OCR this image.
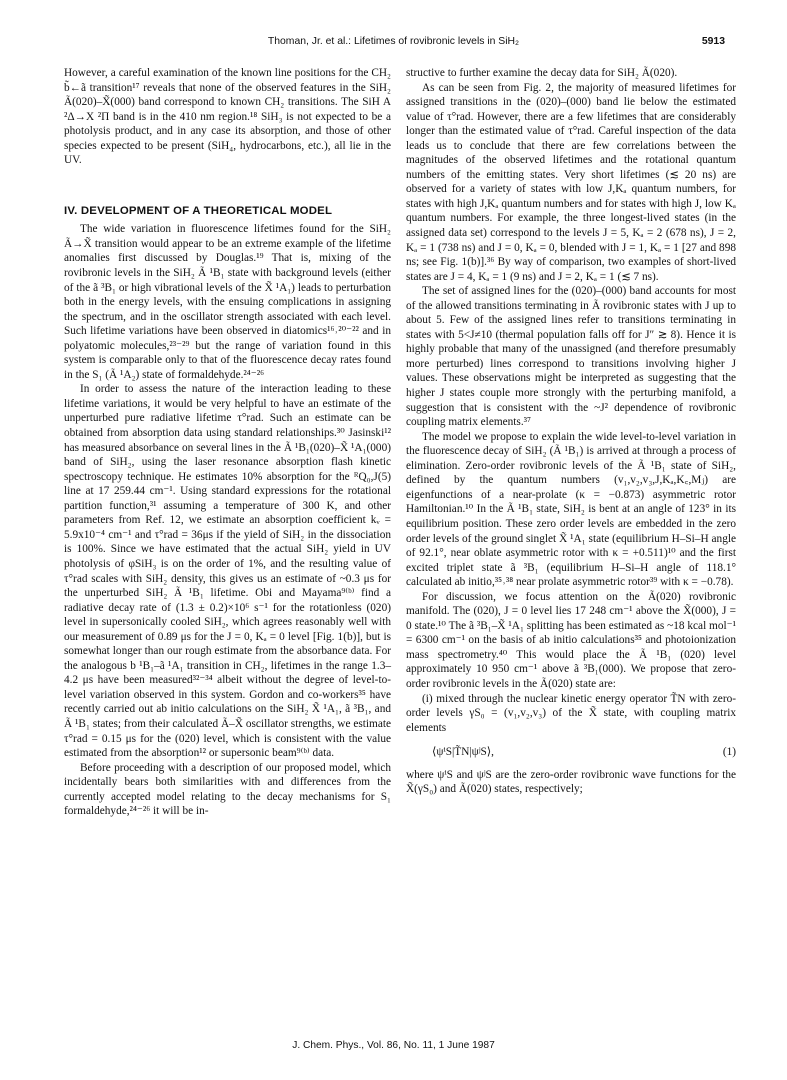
Thoman, Jr. et al.: Lifetimes of rovibronic levels in SiH₂	5913

However, a careful examination of the known line positions for the CH₂ b̃←ã transition¹⁷ reveals that none of the observed features in the SiH₂ Ã(020)–X̃(000) band correspond to known CH₂ transitions. The SiH A ²Δ→X ²Π band is in the 410 nm region.¹⁸ SiH₃ is not expected to be a photolysis product, and in any case its absorption, and those of other species expected to be present (SiH₄, hydrocarbons, etc.), all lie in the UV.

IV. DEVELOPMENT OF A THEORETICAL MODEL

The wide variation in fluorescence lifetimes found for the SiH₂ Ã→X̃ transition would appear to be an extreme example of the lifetime anomalies first discussed by Douglas.¹⁹ That is, mixing of the rovibronic levels in the SiH₂ Ã ¹B₁ state with background levels (either of the ã ³B₁ or high vibrational levels of the X̃ ¹A₁) leads to perturbation both in the energy levels, with the ensuing complications in assigning the spectrum, and in the oscillator strength associated with each level. Such lifetime variations have been observed in diatomics¹⁶˒²⁰⁻²² and in polyatomic molecules,²³⁻²⁹ but the range of variation found in this system is comparable only to that of the fluorescence decay rates found in the S₁ (Ã ¹A₂) state of formaldehyde.²⁴⁻²⁶

In order to assess the nature of the interaction leading to these lifetime variations, it would be very helpful to have an estimate of the unperturbed pure radiative lifetime τ°rad. Such an estimate can be obtained from absorption data using standard relationships.³⁰ Jasinski¹² has measured absorbance on several lines in the Ã ¹B₁(020)–X̃ ¹A₁(000) band of SiH₂, using the laser resonance absorption flash kinetic spectroscopy technique. He estimates 10% absorption for the ᴿQ₀,J(5) line at 17 259.44 cm⁻¹. Using standard expressions for the rotational partition function,³¹ assuming a temperature of 300 K, and other parameters from Ref. 12, we estimate an absorption coefficient kᵥ = 5.9x10⁻⁴ cm⁻¹ and τ°rad = 36μs if the yield of SiH₂ in the dissociation is 100%. Since we have estimated that the actual SiH₂ yield in UV photolysis of φSiH₃ is on the order of 1%, and the resulting value of τ°rad scales with SiH₂ density, this gives us an estimate of ~0.3 μs for the unperturbed SiH₂ Ã ¹B₁ lifetime. Obi and Mayama⁹⁽ᵇ⁾ find a radiative decay rate of (1.3 ± 0.2)×10⁶ s⁻¹ for the rotationless (020) level in supersonically cooled SiH₂, which agrees reasonably well with our measurement of 0.89 μs for the J = 0, Kₐ = 0 level [Fig. 1(b)], but is somewhat longer than our rough estimate from the absorbance data. For the analogous b ¹B₁–ã ¹A₁ transition in CH₂, lifetimes in the range 1.3–4.2 μs have been measured³²⁻³⁴ albeit without the degree of level-to-level variation observed in this system. Gordon and co-workers³⁵ have recently carried out ab initio calculations on the SiH₂ X̃ ¹A₁, ã ³B₁, and Ã ¹B₁ states; from their calculated Ã–X̃ oscillator strengths, we estimate τ°rad = 0.15 μs for the (020) level, which is consistent with the value estimated from the absorption¹² or supersonic beam⁹⁽ᵇ⁾ data.

Before proceeding with a description of our proposed model, which incidentally bears both similarities with and differences from the currently accepted model relating to the decay mechanisms for S₁ formaldehyde,²⁴⁻²⁶ it will be in-

structive to further examine the decay data for SiH₂ Ã(020).

As can be seen from Fig. 2, the majority of measured lifetimes for assigned transitions in the (020)–(000) band lie below the estimated value of τ°rad. However, there are a few lifetimes that are considerably longer than the estimated value of τ°rad. Careful inspection of the data leads us to conclude that there are few correlations between the magnitudes of the observed lifetimes and the rotational quantum numbers of the emitting states. Very short lifetimes (≲ 20 ns) are observed for a variety of states with low J,Kₐ quantum numbers, for states with high J,Kₐ quantum numbers and for states with high J, low Kₐ quantum numbers. For example, the three longest-lived states (in the assigned data set) correspond to the levels J = 5, Kₐ = 2 (678 ns), J = 2, Kₐ = 1 (738 ns) and J = 0, Kₐ = 0, blended with J = 1, Kₐ = 1 [27 and 898 ns; see Fig. 1(b)].³⁶ By way of comparison, two examples of short-lived states are J = 4, Kₐ = 1 (9 ns) and J = 2, Kₐ = 1 (≲ 7 ns).

The set of assigned lines for the (020)–(000) band accounts for most of the allowed transitions terminating in Ã rovibronic states with J up to about 5. Few of the assigned lines refer to transitions terminating in states with 5<J≠10 (thermal population falls off for J″ ≳ 8). Hence it is highly probable that many of the unassigned (and therefore presumably more perturbed) lines correspond to transitions involving higher J values. These observations might be interpreted as suggesting that the higher J states couple more strongly with the perturbing manifold, a suggestion that is consistent with the ~J² dependence of rovibronic coupling matrix elements.³⁷

The model we propose to explain the wide level-to-level variation in the fluorescence decay of SiH₂ (Ã ¹B₁) is arrived at through a process of elimination. Zero-order rovibronic levels of the Ã ¹B₁ state of SiH₂, defined by the quantum numbers (v₁,v₂,v₃,J,Kₐ,K꜀,Mⱼ) are eigenfunctions of a near-prolate (κ = −0.873) asymmetric rotor Hamiltonian.¹⁰ In the Ã ¹B₁ state, SiH₂ is bent at an angle of 123° in its equilibrium position. These zero order levels are embedded in the zero order levels of the ground singlet X̃ ¹A₁ state (equilibrium H–Si–H angle of 92.1°, near oblate asymmetric rotor with κ = +0.511)¹⁰ and the first excited triplet state ã ³B₁ (equilibrium H–Si–H angle of 118.1° calculated ab initio,³⁵˒³⁸ near prolate asymmetric rotor³⁹ with κ = −0.78).

For discussion, we focus attention on the Ã(020) rovibronic manifold. The (020), J = 0 level lies 17 248 cm⁻¹ above the X̃(000), J = 0 state.¹⁰ The ã ³B₁–X̃ ¹A₁ splitting has been estimated as ~18 kcal mol⁻¹ = 6300 cm⁻¹ on the basis of ab initio calculations³⁵ and photoionization mass spectrometry.⁴⁰ This would place the Ã ¹B₁ (020) level approximately 10 950 cm⁻¹ above ã ³B₁(000). We propose that zero-order rovibronic levels in the Ã(020) state are:

(i) mixed through the nuclear kinetic energy operator T̃N with zero-order levels γS₀ = (v₁,v₂,v₃) of the X̃ state, with coupling matrix elements

⟨ψⁱS|T̃N|ψʲS⟩,	(1)

where ψⁱS and ψʲS are the zero-order rovibronic wave functions for the X̃(γS₀) and Ã(020) states, respectively;

J. Chem. Phys., Vol. 86, No. 11, 1 June 1987
